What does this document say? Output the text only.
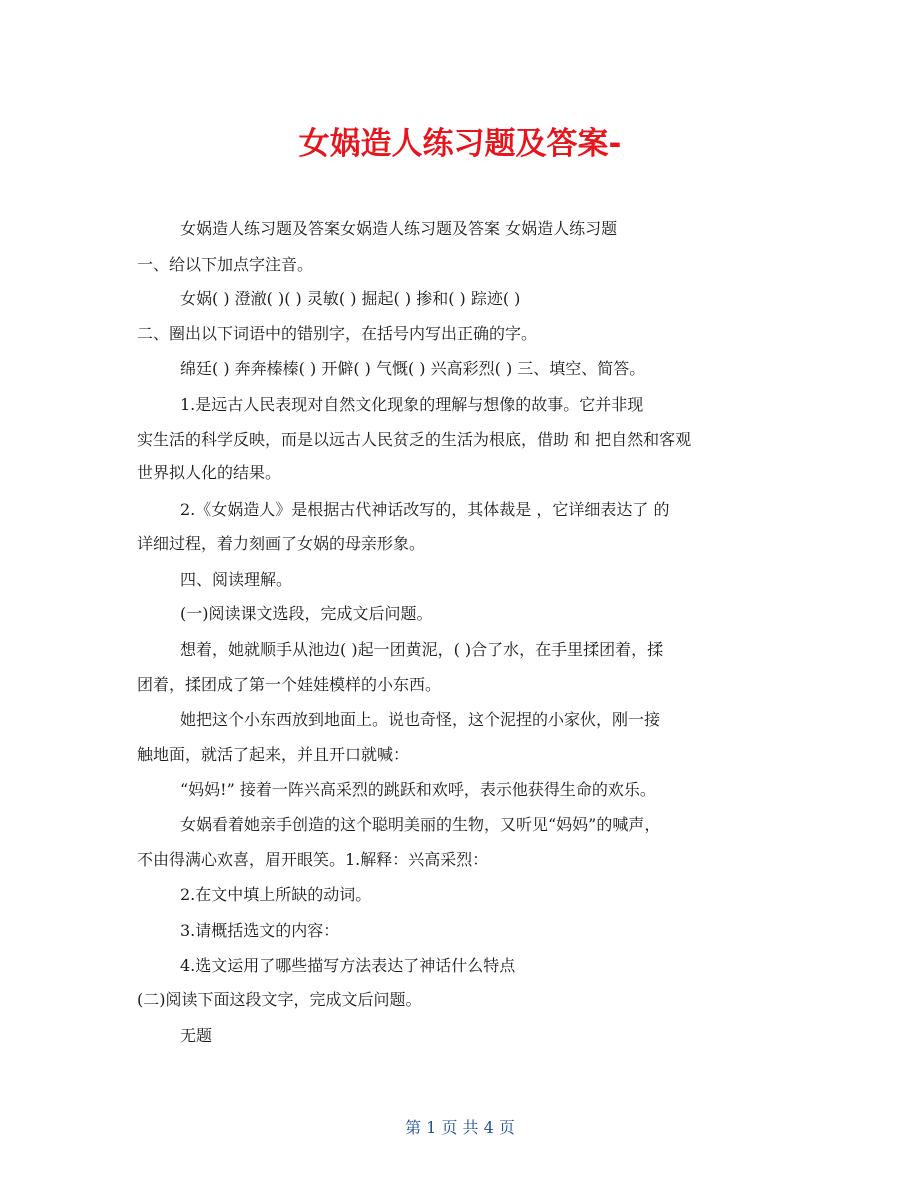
女娲造人练习题及答案-
女娲造人练习题及答案女娲造人练习题及答案 女娲造人练习题
一、给以下加点字注音。
女娲( ) 澄澈( )( ) 灵敏( ) 掘起( ) 掺和( ) 踪迹( )
二、圈出以下词语中的错别字，在括号内写出正确的字。
绵廷( ) 奔奔榛榛( ) 开僻( ) 气慨( ) 兴高彩烈( ) 三、填空、简答。
1.是远古人民表现对自然文化现象的理解与想像的故事。它并非现
实生活的科学反映，而是以远古人民贫乏的生活为根底，借助 和 把自然和客观
世界拟人化的结果。
2.《女娲造人》是根据古代神话改写的，其体裁是 ，它详细表达了 的
详细过程，着力刻画了女娲的母亲形象。
四、阅读理解。
(一)阅读课文选段，完成文后问题。
想着，她就顺手从池边( )起一团黄泥，( )合了水，在手里揉团着，揉
团着，揉团成了第一个娃娃模样的小东西。
她把这个小东西放到地面上。说也奇怪，这个泥捏的小家伙，刚一接
触地面，就活了起来，并且开口就喊：
“妈妈!” 接着一阵兴高采烈的跳跃和欢呼，表示他获得生命的欢乐。
女娲看着她亲手创造的这个聪明美丽的生物，又听见“妈妈”的喊声，
不由得满心欢喜，眉开眼笑。1.解释：兴高采烈：
2.在文中填上所缺的动词。
3.请概括选文的内容：
4.选文运用了哪些描写方法表达了神话什么特点
(二)阅读下面这段文字，完成文后问题。
无题
第 1 页 共 4 页
